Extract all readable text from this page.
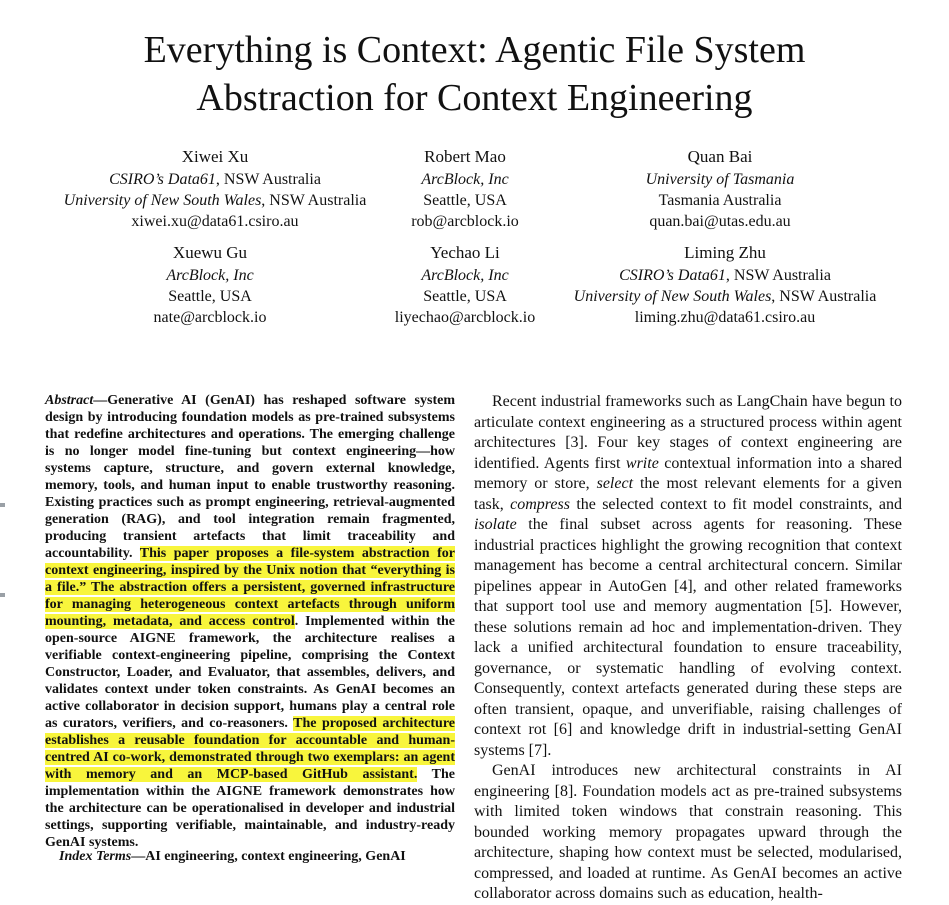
Everything is Context: Agentic File System
Abstraction for Context Engineering
Xiwei Xu
CSIRO’s Data61, NSW Australia
University of New South Wales, NSW Australia
xiwei.xu@data61.csiro.au
Robert Mao
ArcBlock, Inc
Seattle, USA
rob@arcblock.io
Quan Bai
University of Tasmania
Tasmania Australia
quan.bai@utas.edu.au
Xuewu Gu
ArcBlock, Inc
Seattle, USA
nate@arcblock.io
Yechao Li
ArcBlock, Inc
Seattle, USA
liyechao@arcblock.io
Liming Zhu
CSIRO’s Data61, NSW Australia
University of New South Wales, NSW Australia
liming.zhu@data61.csiro.au

Abstract—Generative AI (GenAI) has reshaped software system design by introducing foundation models as pre-trained subsystems that redefine architectures and operations. The emerging challenge is no longer model fine-tuning but context engineering—how systems capture, structure, and govern external knowledge, memory, tools, and human input to enable trustworthy reasoning. Existing practices such as prompt engineering, retrieval-augmented generation (RAG), and tool integration remain fragmented, producing transient artefacts that limit traceability and accountability. This paper proposes a file-system abstraction for context engineering, inspired by the Unix notion that “everything is a file.” The abstraction offers a persistent, governed infrastructure for managing heterogeneous context artefacts through uniform mounting, metadata, and access control. Implemented within the open-source AIGNE framework, the architecture realises a verifiable context-engineering pipeline, comprising the Context Constructor, Loader, and Evaluator, that assembles, delivers, and validates context under token constraints. As GenAI becomes an active collaborator in decision support, humans play a central role as curators, verifiers, and co-reasoners. The proposed architecture establishes a reusable foundation for accountable and human-centred AI co-work, demonstrated through two exemplars: an agent with memory and an MCP-based GitHub assistant. The implementation within the AIGNE framework demonstrates how the architecture can be operationalised in developer and industrial settings, supporting verifiable, maintainable, and industry-ready GenAI systems.

Index Terms—AI engineering, context engineering, GenAI

Recent industrial frameworks such as LangChain have begun to articulate context engineering as a structured process within agent architectures [3]. Four key stages of context engineering are identified. Agents first write contextual information into a shared memory or store, select the most relevant elements for a given task, compress the selected context to fit model constraints, and isolate the final subset across agents for reasoning. These industrial practices highlight the growing recognition that context management has become a central architectural concern. Similar pipelines appear in AutoGen [4], and other related frameworks that support tool use and memory augmentation [5]. However, these solutions remain ad hoc and implementation-driven. They lack a unified architectural foundation to ensure traceability, governance, or systematic handling of evolving context. Consequently, context artefacts generated during these steps are often transient, opaque, and unverifiable, raising challenges of context rot [6] and knowledge drift in industrial-setting GenAI systems [7].

GenAI introduces new architectural constraints in AI engineering [8]. Foundation models act as pre-trained subsystems with limited token windows that constrain reasoning. This bounded working memory propagates upward through the architecture, shaping how context must be selected, modularised, compressed, and loaded at runtime. As GenAI becomes an active collaborator across domains such as education, health-
